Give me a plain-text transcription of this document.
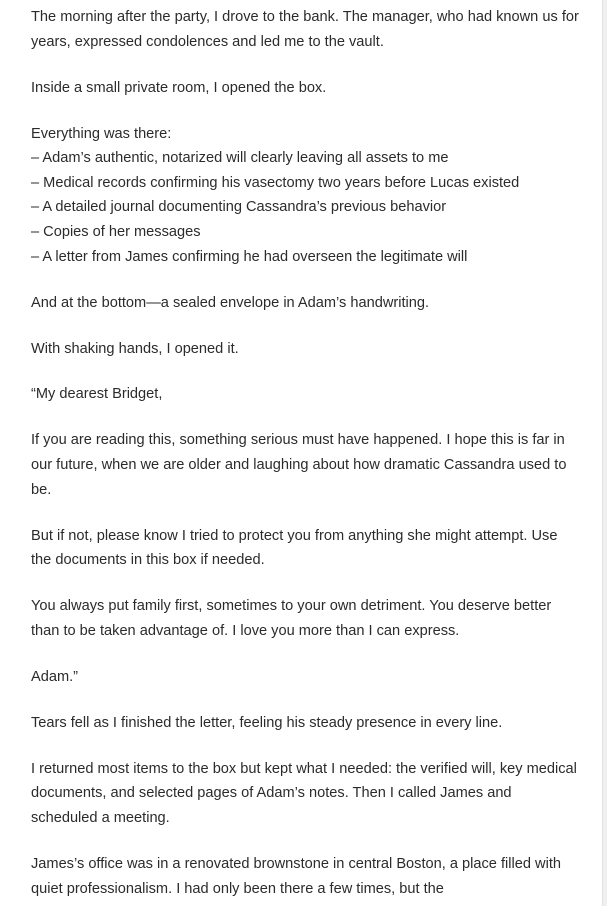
The morning after the party, I drove to the bank. The manager, who had known us for years, expressed condolences and led me to the vault.

Inside a small private room, I opened the box.

Everything was there:
– Adam’s authentic, notarized will clearly leaving all assets to me
– Medical records confirming his vasectomy two years before Lucas existed
– A detailed journal documenting Cassandra’s previous behavior
– Copies of her messages
– A letter from James confirming he had overseen the legitimate will

And at the bottom—a sealed envelope in Adam’s handwriting.

With shaking hands, I opened it.

“My dearest Bridget,

If you are reading this, something serious must have happened. I hope this is far in our future, when we are older and laughing about how dramatic Cassandra used to be.

But if not, please know I tried to protect you from anything she might attempt. Use the documents in this box if needed.

You always put family first, sometimes to your own detriment. You deserve better than to be taken advantage of. I love you more than I can express.

Adam.”

Tears fell as I finished the letter, feeling his steady presence in every line.

I returned most items to the box but kept what I needed: the verified will, key medical documents, and selected pages of Adam’s notes. Then I called James and scheduled a meeting.

James’s office was in a renovated brownstone in central Boston, a place filled with quiet professionalism. I had only been there a few times, but the
